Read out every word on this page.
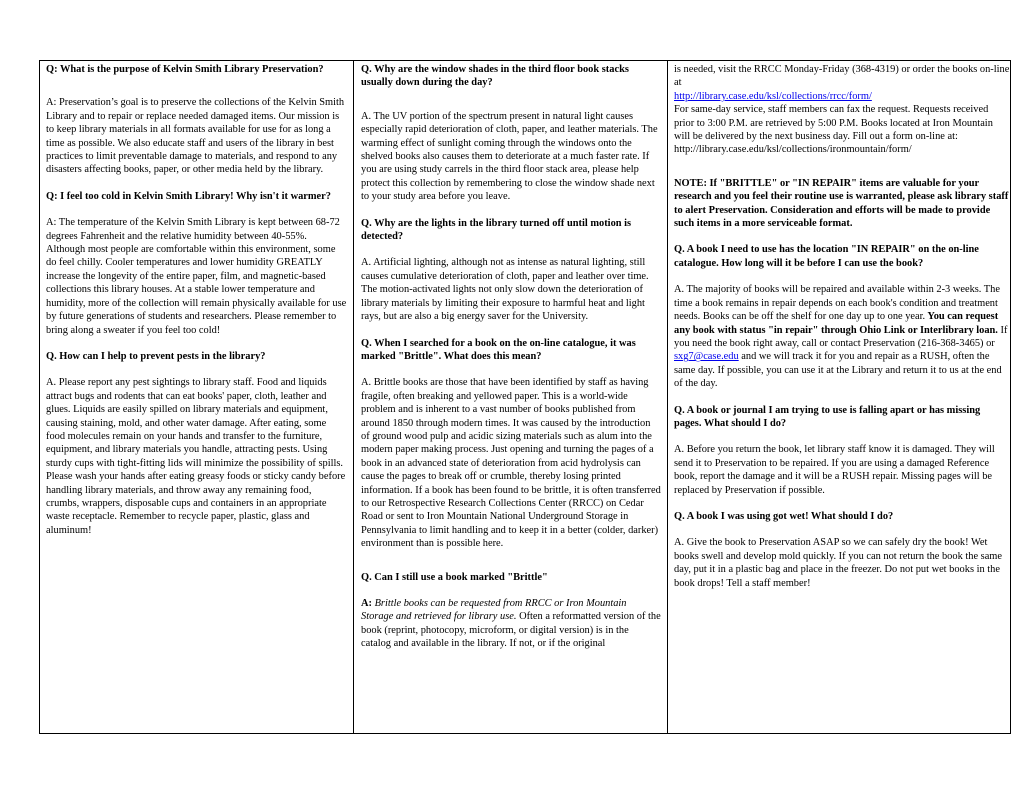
Q: What is the purpose of Kelvin Smith Library Preservation?

A: Preservation’s goal is to preserve the collections of the Kelvin Smith Library and to repair or replace needed damaged items. Our mission is to keep library materials in all formats available for use for as long a time as possible. We also educate staff and users of the library in best practices to limit preventable damage to materials, and respond to any disasters affecting books, paper, or other media held by the library.

Q: I feel too cold in Kelvin Smith Library! Why isn't it warmer?

A: The temperature of the Kelvin Smith Library is kept between 68-72 degrees Fahrenheit and the relative humidity between 40-55%. Although most people are comfortable within this environment, some do feel chilly. Cooler temperatures and lower humidity GREATLY increase the longevity of the entire paper, film, and magnetic-based collections this library houses. At a stable lower temperature and humidity, more of the collection will remain physically available for use by future generations of students and researchers. Please remember to bring along a sweater if you feel too cold!

Q. How can I help to prevent pests in the library?

A. Please report any pest sightings to library staff. Food and liquids attract bugs and rodents that can eat books' paper, cloth, leather and glues. Liquids are easily spilled on library materials and equipment, causing staining, mold, and other water damage. After eating, some food molecules remain on your hands and transfer to the furniture, equipment, and library materials you handle, attracting pests. Using sturdy cups with tight-fitting lids will minimize the possibility of spills. Please wash your hands after eating greasy foods or sticky candy before handling library materials, and throw away any remaining food, crumbs, wrappers, disposable cups and containers in an appropriate waste receptacle. Remember to recycle paper, plastic, glass and aluminum!

Q. Why are the window shades in the third floor book stacks usually down during the day?

A. The UV portion of the spectrum present in natural light causes especially rapid deterioration of cloth, paper, and leather materials. The warming effect of sunlight coming through the windows onto the shelved books also causes them to deteriorate at a much faster rate. If you are using study carrels in the third floor stack area, please help protect this collection by remembering to close the window shade next to your study area before you leave.

Q. Why are the lights in the library turned off until motion is detected?

A. Artificial lighting, although not as intense as natural lighting, still causes cumulative deterioration of cloth, paper and leather over time. The motion-activated lights not only slow down the deterioration of library materials by limiting their exposure to harmful heat and light rays, but are also a big energy saver for the University.

Q. When I searched for a book on the on-line catalogue, it was marked "Brittle". What does this mean?

A. Brittle books are those that have been identified by staff as having fragile, often breaking and yellowed paper. This is a world-wide problem and is inherent to a vast number of books published from around 1850 through modern times. It was caused by the introduction of ground wood pulp and acidic sizing materials such as alum into the modern paper making process. Just opening and turning the pages of a book in an advanced state of deterioration from acid hydrolysis can cause the pages to break off or crumble, thereby losing printed information. If a book has been found to be brittle, it is often transferred to our Retrospective Research Collections Center (RRCC) on Cedar Road or sent to Iron Mountain National Underground Storage in Pennsylvania to limit handling and to keep it in a better (colder, darker) environment than is possible here.

Q. Can I still use a book marked "Brittle"

A: Brittle books can be requested from RRCC or Iron Mountain Storage and retrieved for library use. Often a reformatted version of the book (reprint, photocopy, microform, or digital version) is in the catalog and available in the library. If not, or if the original

is needed, visit the RRCC Monday-Friday (368-4319) or order the books on-line at

http://library.case.edu/ksl/collections/rrcc/form/

For same-day service, staff members can fax the request. Requests received prior to 3:00 P.M. are retrieved by 5:00 P.M. Books located at Iron Mountain will be delivered by the next business day. Fill out a form on-line at:

http://library.case.edu/ksl/collections/ironmountain/form/

NOTE: If "BRITTLE" or "IN REPAIR" items are valuable for your research and you feel their routine use is warranted, please ask library staff to alert Preservation. Consideration and efforts will be made to provide such items in a more serviceable format.

Q. A book I need to use has the location "IN REPAIR" on the on-line catalogue. How long will it be before I can use the book?

A. The majority of books will be repaired and available within 2-3 weeks. The time a book remains in repair depends on each book's condition and treatment needs. Books can be off the shelf for one day up to one year. You can request any book with status "in repair" through Ohio Link or Interlibrary loan. If you need the book right away, call or contact Preservation (216-368-3465) or sxg7@case.edu and we will track it for you and repair as a RUSH, often the same day. If possible, you can use it at the Library and return it to us at the end of the day.

Q. A book or journal I am trying to use is falling apart or has missing pages. What should I do?

A. Before you return the book, let library staff know it is damaged. They will send it to Preservation to be repaired. If you are using a damaged Reference book, report the damage and it will be a RUSH repair. Missing pages will be replaced by Preservation if possible.

Q. A book I was using got wet! What should I do?

A. Give the book to Preservation ASAP so we can safely dry the book! Wet books swell and develop mold quickly. If you can not return the book the same day, put it in a plastic bag and place in the freezer. Do not put wet books in the book drops! Tell a staff member!
